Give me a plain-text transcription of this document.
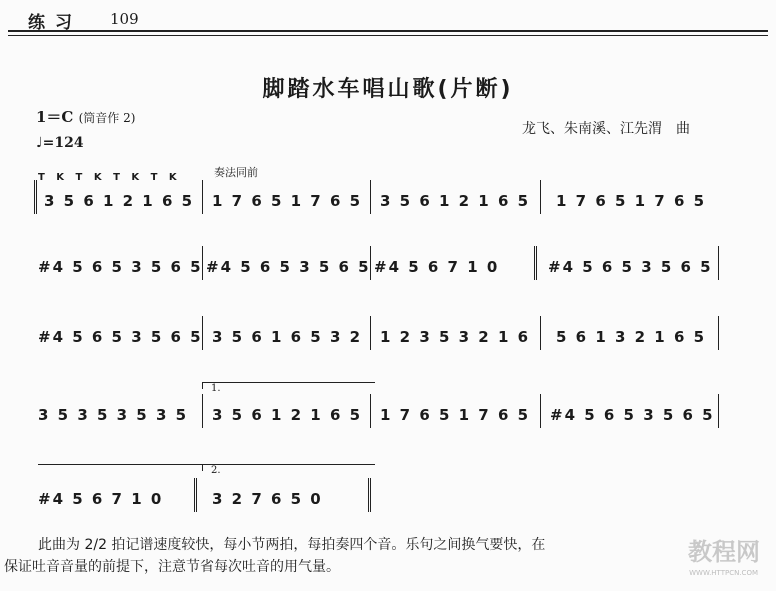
练习 109
脚踏水车唱山歌(片断)
1＝C (筒音作 2)
♩=124
龙飞、朱南溪、江先渭　曲
T K T K T K T K	奏法同前
3 5 6 1 2 1 6 5 1 7 6 5 1 7 6 5 3 5 6 1 2 1 6 5 1 7 6 5 1 7 6 5
#4 5 6 5 3 5 6 5 #4 5 6 5 3 5 6 5 #4 5 6 7 1 0	#4 5 6 5 3 5 6 5
#4 5 6 5 3 5 6 5 3 5 6 1 6 5 3 2 1 2 3 5 3 2 1 6 5 6 1 3 2 1 6 5
1.
3 5 3 5 3 5 3 5 3 5 6 1 2 1 6 5 1 7 6 5 1 7 6 5 #4 5 6 5 3 5 6 5
2.
#4 5 6 7 1 0	3 2 7 6 5 0

此曲为 2/2 拍记谱速度较快，每小节两拍，每拍奏四个音。乐句之间换气要快，在

保证吐音音量的前提下，注意节省每次吐音的用气量。

教程网
WWW.HTTPCN.COM
